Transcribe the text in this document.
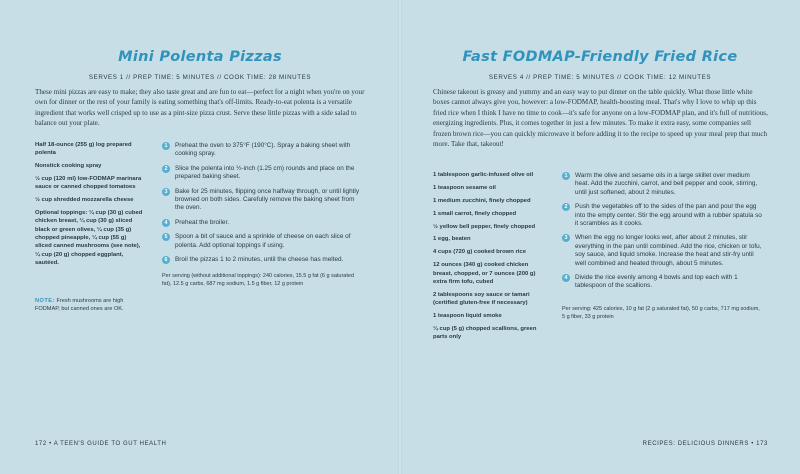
Mini Polenta Pizzas
SERVES 1 // PREP TIME: 5 MINUTES // COOK TIME: 28 MINUTES
These mini pizzas are easy to make; they also taste great and are fun to eat—perfect for a night when you're on your own for dinner or the rest of your family is eating something that's off-limits. Ready-to-eat polenta is a versatile ingredient that works well crisped up to use as a pint-size pizza crust. Serve these little pizzas with a side salad to balance out your plate.
Half 18-ounce (255 g) log prepared polenta
Nonstick cooking spray
½ cup (120 ml) low-FODMAP marinara sauce or canned chopped tomatoes
½ cup shredded mozzarella cheese
Optional toppings: ¼ cup (30 g) cubed chicken breast, ¼ cup (30 g) sliced black or green olives, ¼ cup (35 g) chopped pineapple, ¼ cup (55 g) sliced canned mushrooms (see note), ¼ cup (20 g) chopped eggplant, sautéed.
NOTE: Fresh mushrooms are high FODMAP, but canned ones are OK.
1	Preheat the oven to 375°F (190°C). Spray a baking sheet with cooking spray.
2	Slice the polenta into ½-inch (1.25 cm) rounds and place on the prepared baking sheet.
3	Bake for 25 minutes, flipping once halfway through, or until lightly browned on both sides. Carefully remove the baking sheet from the oven.
4	Preheat the broiler.
5	Spoon a bit of sauce and a sprinkle of cheese on each slice of polenta. Add optional toppings if using.
6	Broil the pizzas 1 to 2 minutes, until the cheese has melted.
Per serving (without additional toppings): 240 calories, 15.5 g fat (6 g saturated fat), 12.5 g carbs, 687 mg sodium, 1.5 g fiber, 12 g protein
172 • A TEEN'S GUIDE TO GUT HEALTH
Fast FODMAP-Friendly Fried Rice
SERVES 4 // PREP TIME: 5 MINUTES // COOK TIME: 12 MINUTES
Chinese takeout is greasy and yummy and an easy way to put dinner on the table quickly. What those little white boxes cannot always give you, however: a low-FODMAP, health-boosting meal. That's why I love to whip up this fried rice when I think I have no time to cook—it's safe for anyone on a low-FODMAP plan, and it's full of nutritious, energizing ingredients. Plus, it comes together in just a few minutes. To make it extra easy, some companies sell frozen brown rice—you can quickly microwave it before adding it to the recipe to speed up your meal prep that much more. Take that, takeout!
1 tablespoon garlic-infused olive oil
1 teaspoon sesame oil
1 medium zucchini, finely chopped
1 small carrot, finely chopped
½ yellow bell pepper, finely chopped
1 egg, beaten
4 cups (720 g) cooked brown rice
12 ounces (340 g) cooked chicken breast, chopped, or 7 ounces (200 g) extra firm tofu, cubed
2 tablespoons soy sauce or tamari (certified gluten-free if necessary)
1 teaspoon liquid smoke
¼ cup (5 g) chopped scallions, green parts only
1	Warm the olive and sesame oils in a large skillet over medium heat. Add the zucchini, carrot, and bell pepper and cook, stirring, until just softened, about 2 minutes.
2	Push the vegetables off to the sides of the pan and pour the egg into the empty center. Stir the egg around with a rubber spatula so it scrambles as it cooks.
3	When the egg no longer looks wet, after about 2 minutes, stir everything in the pan until combined. Add the rice, chicken or tofu, soy sauce, and liquid smoke. Increase the heat and stir-fry until well combined and heated through, about 5 minutes.
4	Divide the rice evenly among 4 bowls and top each with 1 tablespoon of the scallions.
Per serving: 425 calories, 10 g fat (2 g saturated fat), 50 g carbs, 717 mg sodium, 5 g fiber, 33 g protein
RECIPES: DELICIOUS DINNERS • 173
